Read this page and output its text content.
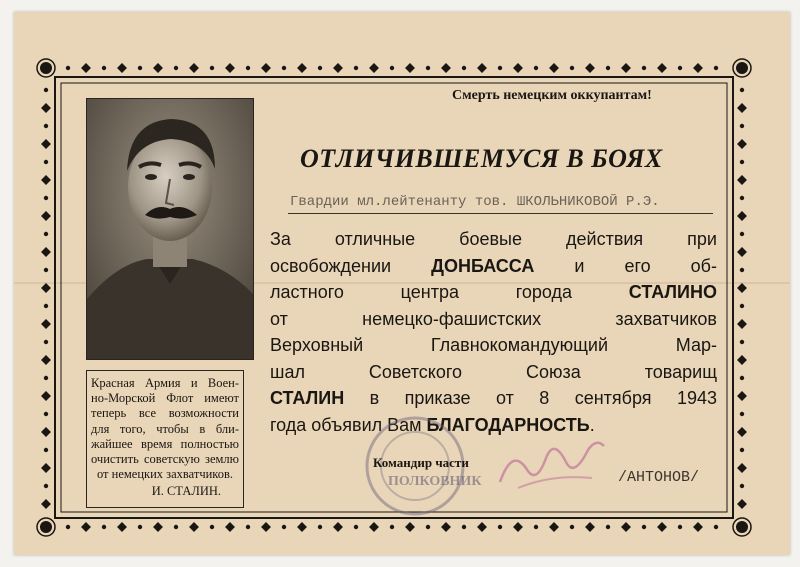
Смерть немецким оккупантам!
ОТЛИЧИВШЕМУСЯ В БОЯХ
Гвардии мл.лейтенанту тов. ШКОЛЬНИКОВОЙ Р.Э.
За отличные боевые действия при
освобождении ДОНБАССА и его об-
ластного центра города СТАЛИНО
от немецко-фашистских захватчиков
Верховный Главнокомандующий Мар-
шал Советского Союза товарищ
СТАЛИН в приказе от 8 сентября 1943
года объявил Вам БЛАГОДАРНОСТЬ.
Красная Армия и Воен-
но-Морской Флот имеют
теперь все возможности
для того, чтобы в бли-
жайшее время полностью
очистить советскую землю
от немецких захватчиков.
И. СТАЛИН.
Командир части
ПОЛКОВНИК	/АНТОНОВ/
